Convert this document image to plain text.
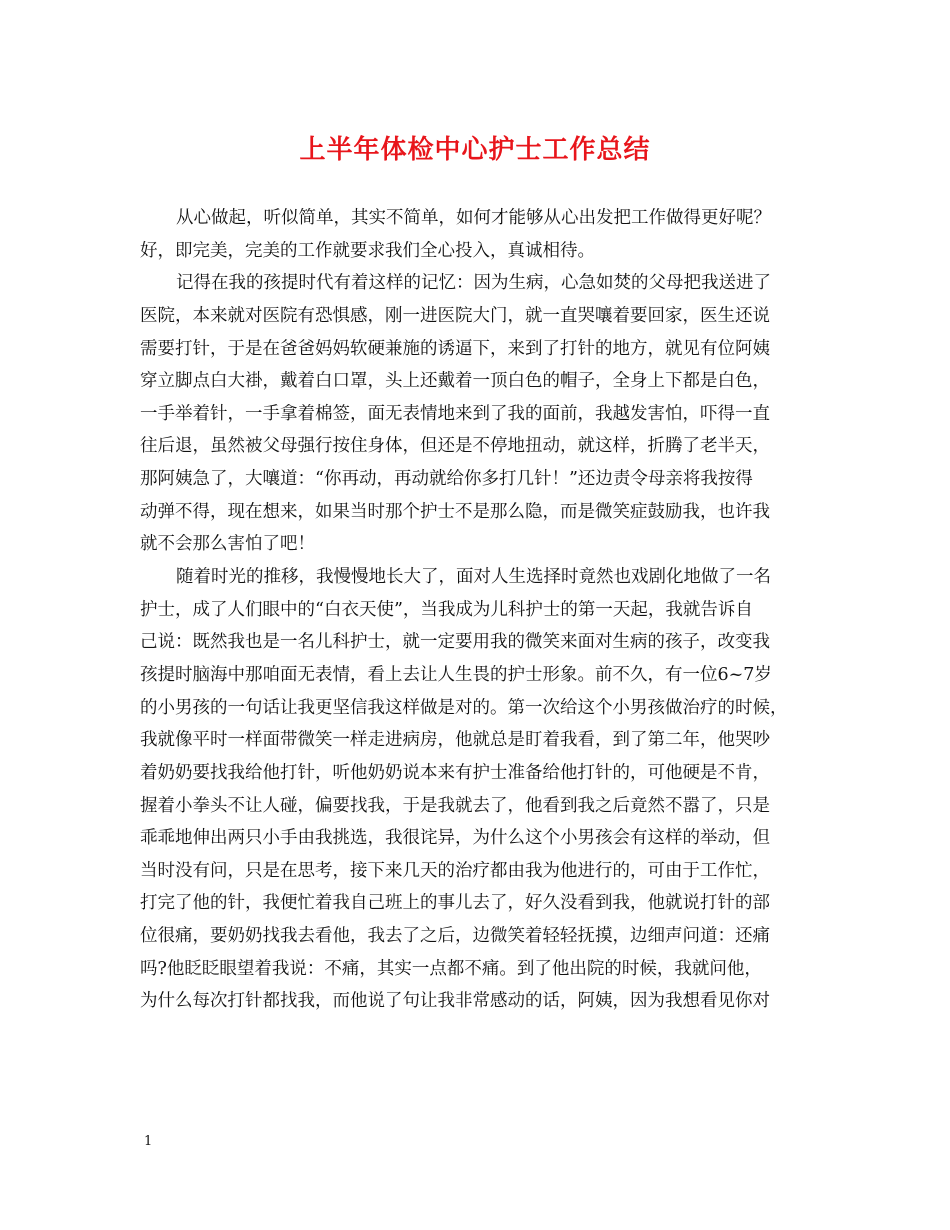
上半年体检中心护士工作总结
从心做起，听似简单，其实不简单，如何才能够从心出发把工作做得更好呢？
好，即完美，完美的工作就要求我们全心投入，真诚相待。
记得在我的孩提时代有着这样的记忆：因为生病，心急如焚的父母把我送进了
医院，本来就对医院有恐惧感，刚一进医院大门，就一直哭嚷着要回家，医生还说
需要打针，于是在爸爸妈妈软硬兼施的诱逼下，来到了打针的地方，就见有位阿姨
穿立脚点白大褂，戴着白口罩，头上还戴着一顶白色的帽子，全身上下都是白色，
一手举着针，一手拿着棉签，面无表情地来到了我的面前，我越发害怕，吓得一直
往后退，虽然被父母强行按住身体，但还是不停地扭动，就这样，折腾了老半天，
那阿姨急了，大嚷道：“你再动，再动就给你多打几针！”还边责令母亲将我按得
动弹不得，现在想来，如果当时那个护士不是那么隐，而是微笑症鼓励我，也许我
就不会那么害怕了吧！
随着时光的推移，我慢慢地长大了，面对人生选择时竟然也戏剧化地做了一名
护士，成了人们眼中的“白衣天使”，当我成为儿科护士的第一天起，我就告诉自
己说：既然我也是一名儿科护士，就一定要用我的微笑来面对生病的孩子，改变我
孩提时脑海中那咱面无表情，看上去让人生畏的护士形象。前不久，有一位6~7岁
的小男孩的一句话让我更坚信我这样做是对的。第一次给这个小男孩做治疗的时候，
我就像平时一样面带微笑一样走进病房，他就总是盯着我看，到了第二年，他哭吵
着奶奶要找我给他打针，听他奶奶说本来有护士准备给他打针的，可他硬是不肯，
握着小拳头不让人碰，偏要找我，于是我就去了，他看到我之后竟然不嚣了，只是
乖乖地伸出两只小手由我挑选，我很诧异，为什么这个小男孩会有这样的举动，但
当时没有问，只是在思考，接下来几天的治疗都由我为他进行的，可由于工作忙，
打完了他的针，我便忙着我自己班上的事儿去了，好久没看到我，他就说打针的部
位很痛，要奶奶找我去看他，我去了之后，边微笑着轻轻抚摸，边细声问道：还痛
吗?他眨眨眼望着我说：不痛，其实一点都不痛。到了他出院的时候，我就问他，
为什么每次打针都找我，而他说了句让我非常感动的话，阿姨，因为我想看见你对
1
